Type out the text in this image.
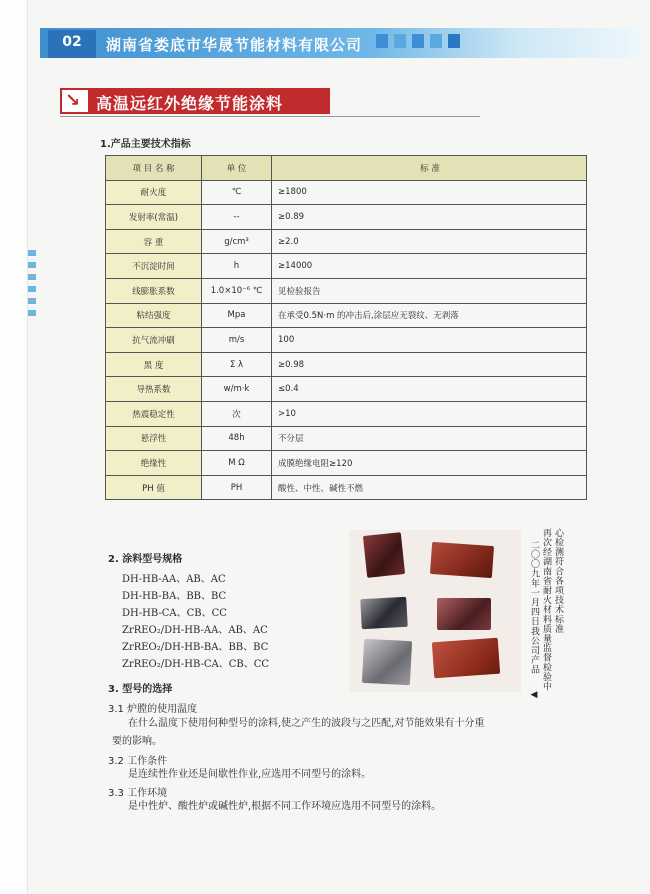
02	湖南省娄底市华晟节能材料有限公司
↘ 高温远红外绝缘节能涂料
1.产品主要技术指标
项 目 名 称	单 位	标 准
耐火度	℃	≥1800
发射率(常温)	--	≥0.89
容 重	g/cm³	≥2.0
不沉淀时间	h	≥14000
线膨胀系数	1.0×10⁻⁶ ℃	见检验报告
粘结强度	Mpa	在承受0.5N·m 的冲击后,涂层应无裂纹、无剥落
抗气流冲刷	m/s	100
黑 度	Σ λ	≥0.98
导热系数	w/m·k	≤0.4
热震稳定性	次	>10
悬浮性	48h	不分层
绝缘性	M Ω	成膜绝缘电阻≥120
PH 值	PH	酸性、中性、碱性不燃
◀
二〇〇九年一月四日我公司产品 再次经湖南省耐火材料质量监督检验中 心检测符合各项技术标准
2. 涂料型号规格
DH-HB-AA、AB、AC
DH-HB-BA、BB、BC
DH-HB-CA、CB、CC
ZrREO₂/DH-HB-AA、AB、AC
ZrREO₂/DH-HB-BA、BB、BC
ZrREO₂/DH-HB-CA、CB、CC
3. 型号的选择
3.1 炉膛的使用温度
在什么温度下使用何种型号的涂料,使之产生的波段与之匹配,对节能效果有十分重
要的影响。
3.2 工作条件
是连续性作业还是间歇性作业,应选用不同型号的涂料。
3.3 工作环境
是中性炉、酸性炉或碱性炉,根据不同工作环境应选用不同型号的涂料。
